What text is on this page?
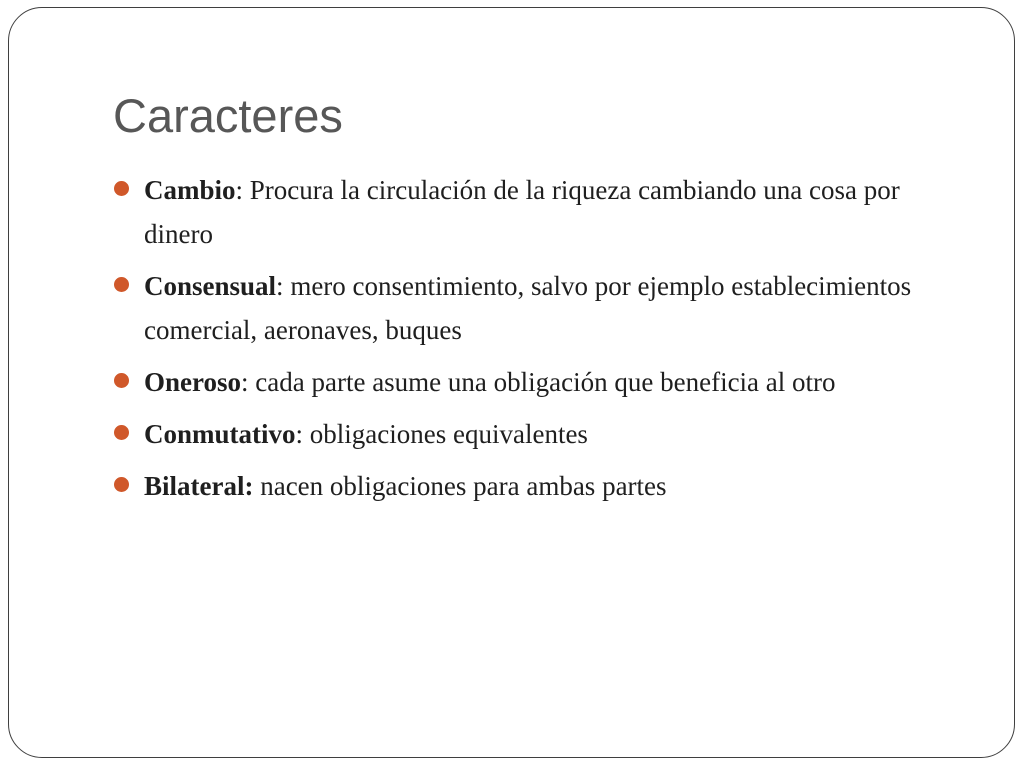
Caracteres
Cambio: Procura la circulación de la riqueza cambiando una cosa por dinero
Consensual: mero consentimiento, salvo por ejemplo establecimientos comercial, aeronaves, buques
Oneroso: cada parte asume una obligación que beneficia al otro
Conmutativo: obligaciones equivalentes
Bilateral: nacen obligaciones para ambas partes
